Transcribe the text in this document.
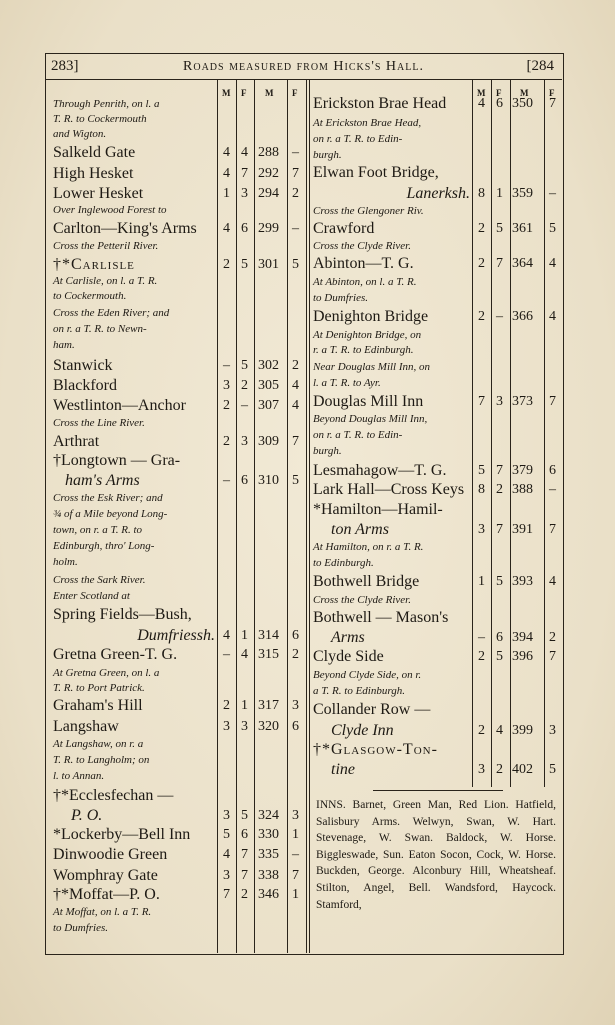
283]	Roads measured from Hicks's Hall.	[284
M F M F	M F M F
Through Penrith, on l. a
T. R. to Cockermouth
and Wigton.
Salkeld Gate	4 4 288 –
High Hesket	4 7 292 7
Lower Hesket	1 3 294 2
Over Inglewood Forest to
Carlton—King's Arms 4 6 299 –
Cross the Petteril River.
†*Carlisle	2 5 301 5
At Carlisle, on l. a T. R.
to Cockermouth.
Cross the Eden River; and
on r. a T. R. to Newn-
ham.
Stanwick	– 5 302 2
Blackford	3 2 305 4
Westlinton—Anchor	2 – 307 4
Cross the Line River.
Arthrat	2 3 309 7
†Longtown — Gra-
ham's Arms	– 6 310 5
Cross the Esk River; and
¾ of a Mile beyond Long-
town, on r. a T. R. to
Edinburgh, thro' Long-
holm.
Cross the Sark River.
Enter Scotland at
Spring Fields—Bush,
Dumfriessh. 4 1 314 6
Gretna Green-T. G.	– 4 315 2
At Gretna Green, on l. a
T. R. to Port Patrick.
Graham's Hill	2 1 317 3
Langshaw	3 3 320 6
At Langshaw, on r. a
T. R. to Langholm; on
l. to Annan.
†*Ecclesfechan —
P. O.	3 5 324 3
*Lockerby—Bell Inn 5 6 330 1
Dinwoodie Green	4 7 335 –
Womphray Gate	3 7 338 7
†*Moffat—P. O.	7 2 346 1
At Moffat, on l. a T. R.
to Dumfries.
Erickston Brae Head 4 6 350 7
At Erickston Brae Head,
on r. a T. R. to Edin-
burgh.
Elwan Foot Bridge,
Lanerksh. 8 1 359 –
Cross the Glengoner Riv.
Crawford	2 5 361 5
Cross the Clyde River.
Abinton—T. G.	2 7 364 4
At Abinton, on l. a T. R.
to Dumfries.
Denighton Bridge	2 – 366 4
At Denighton Bridge, on
r. a T. R. to Edinburgh.
Near Douglas Mill Inn, on
l. a T. R. to Ayr.
Douglas Mill Inn	7 3 373 7
Beyond Douglas Mill Inn,
on r. a T. R. to Edin-
burgh.
Lesmahagow—T. G. 5 7 379 6
Lark Hall—Cross Keys 8 2 388 –
*Hamilton—Hamil-
ton Arms	3 7 391 7
At Hamilton, on r. a T. R.
to Edinburgh.
Bothwell Bridge	1 5 393 4
Cross the Clyde River.
Bothwell — Mason's
Arms	– 6 394 2
Clyde Side	2 5 396 7
Beyond Clyde Side, on r.
a T. R. to Edinburgh.
Collander Row —
Clyde Inn	2 4 399 3
†*Glasgow-Ton-
tine	3 2 402 5
INNS. Barnet, Green Man, Red Lion. Hatfield, Salisbury Arms. Welwyn, Swan, W. Hart. Stevenage, W. Swan. Baldock, W. Horse. Biggleswade, Sun. Eaton Socon, Cock, W. Horse. Buckden, George. Alconbury Hill, Wheatsheaf. Stilton, Angel, Bell. Wandsford, Haycock. Stamford,
